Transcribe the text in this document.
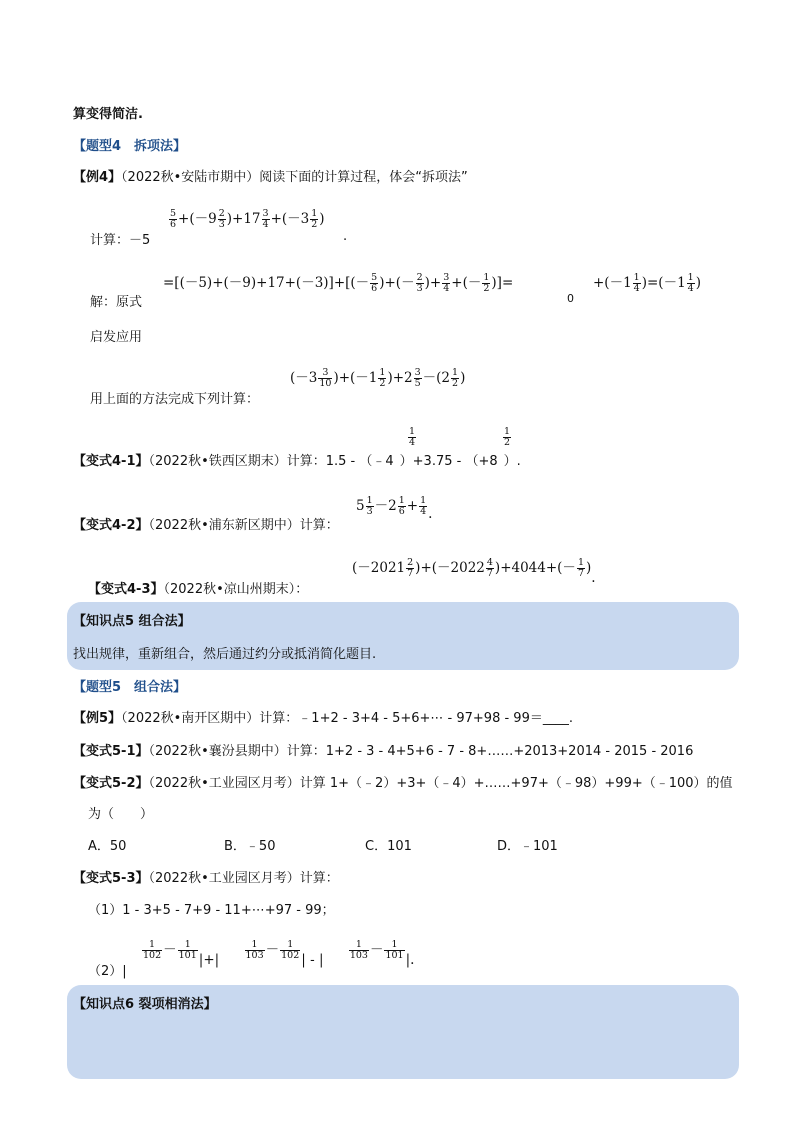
算变得简洁.
【题型4　拆项法】
【例4】（2022秋•安陆市期中）阅读下面的计算过程，体会“拆项法”
计算：－5
$\frac{5}{6} +(-9 \frac{2}{3} )+17 \frac{3}{4} +(-3 \frac{1}{2}$ )
.
解：原式
$=[(-5)+(-9)+17+(-3)]+[(- \frac{5}{6}$ )+(－ $\frac{2}{3}$ )+ $\frac{3}{4}$ +(－ $\frac{1}{2}$ )]=
0
$+(-1 \frac{1}{4} )=(-1 \frac{1}{4}$ )
启发应用
用上面的方法完成下列计算：
$(-3 \frac{3}{10} )+(-1 \frac{1}{2} )+2 \frac{3}{5} -(2 \frac{1}{2}$ )
【变式4-1】（2022秋•铁西区期末）计算：1.5 - （﹣4 ）+3.75 - （+8 ）.
$\frac{1}{4}$	$\frac{1}{2}$
【变式4-2】（2022秋•浦东新区期中）计算：
$5 \frac{1}{3} -2 \frac{1}{6} + \frac{1}{4}$ .
【变式4-3】（2022秋•凉山州期末）：
$(-2021 \frac{2}{7} )+(-2022 \frac{4}{7} )+4044+(- \frac{1}{7}$ ).
【知识点5 组合法】
找出规律，重新组合，然后通过约分或抵消简化题目.
【题型5　组合法】
【例5】（2022秋•南开区期中）计算：﹣1+2 - 3+4 - 5+6+⋯ - 97+98 - 99＝____.
【变式5-1】（2022秋•襄汾县期中）计算：1+2 - 3 - 4+5+6 - 7 - 8+……+2013+2014 - 2015 - 2016
【变式5-2】（2022秋•工业园区月考）计算 1+（﹣2）+3+（﹣4）+……+97+（﹣98）+99+（﹣100）的值
为（　　）
A．50	B．﹣50	C．101	D．﹣101
【变式5-3】（2022秋•工业园区月考）计算：
（1）1 - 3+5 - 7+9 - 11+⋯+97 - 99；
（2）|
$\frac{1}{102} - \frac{1}{101}$ |+|	$\frac{1}{103} - \frac{1}{102}$ | - |	$\frac{1}{103} - \frac{1}{101}$ |.
【知识点6 裂项相消法】
